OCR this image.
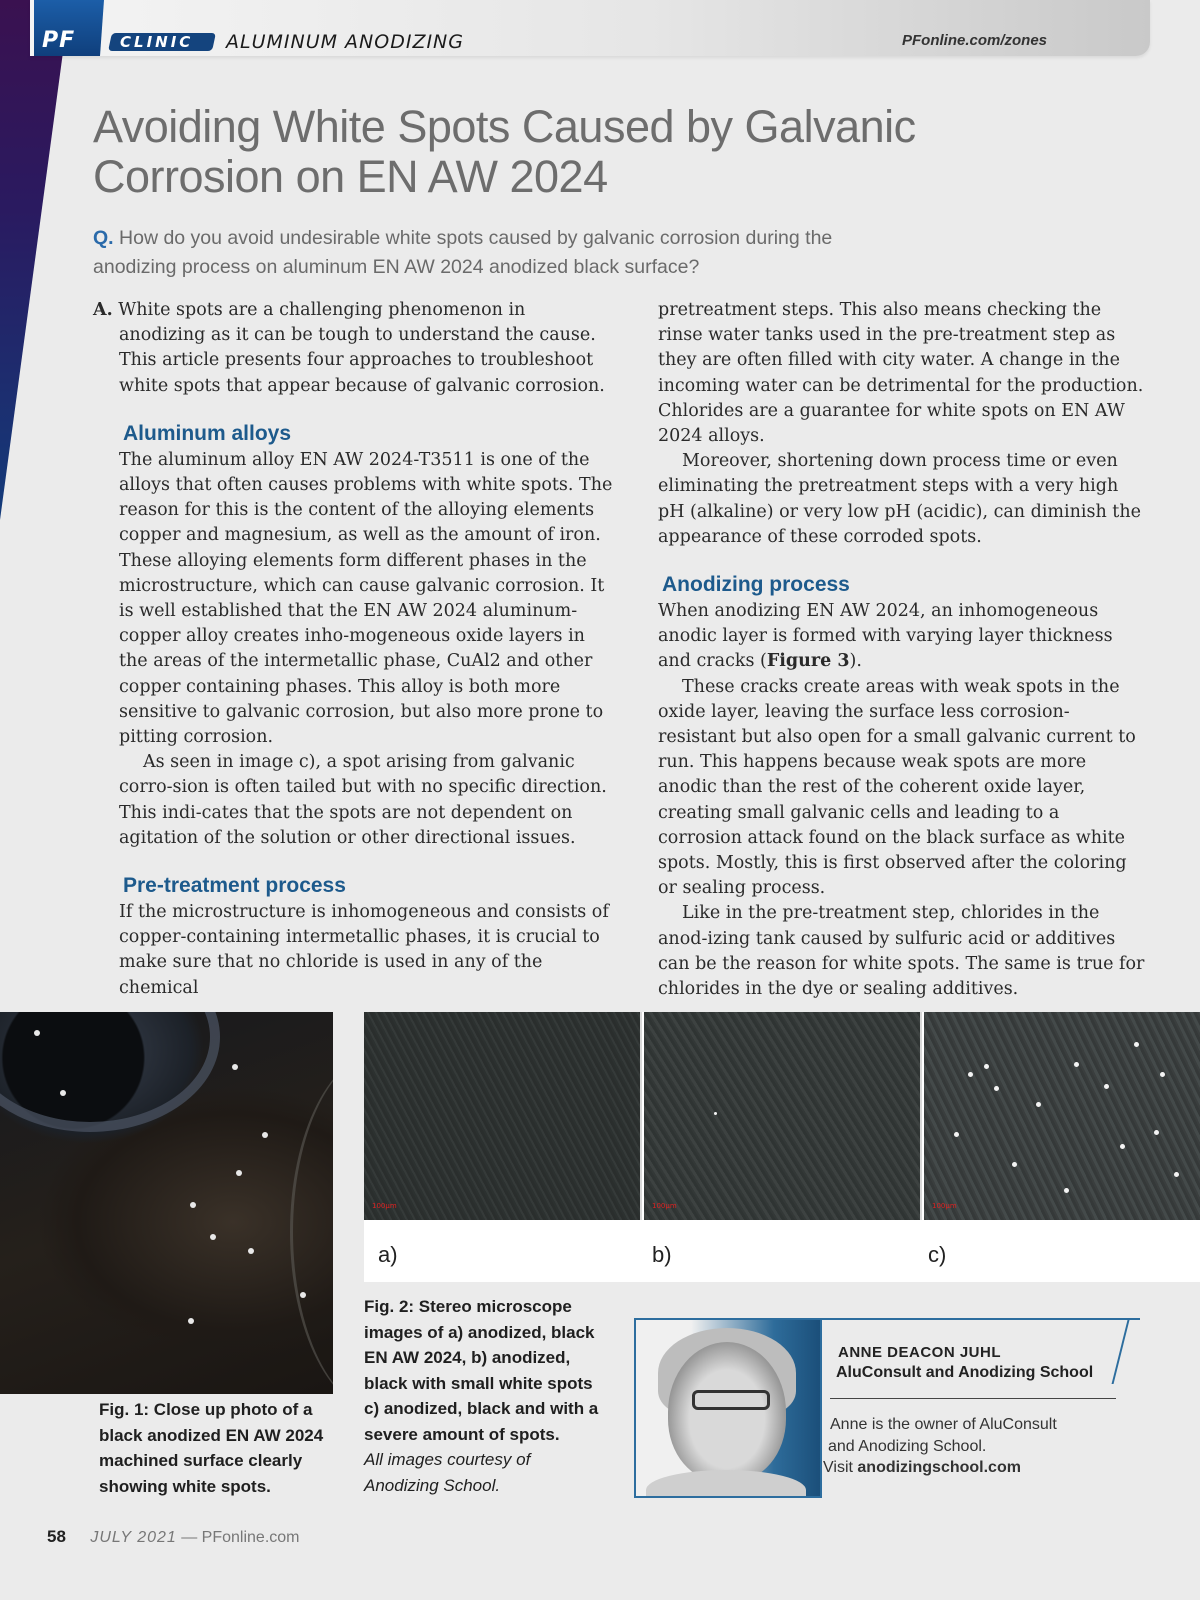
PF	CLINIC ALUMINUM ANODIZING	PFonline.com/zones
Avoiding White Spots Caused by Galvanic
Corrosion on EN AW 2024

Q. How do you avoid undesirable white spots caused by galvanic corrosion during the anodizing process on aluminum EN AW 2024 anodized black surface?

A. White spots are a challenging phenomenon in anodizing as it can be tough to understand the cause. This article presents four approaches to troubleshoot white spots that appear because of galvanic corrosion.

Aluminum alloys

The aluminum alloy EN AW 2024-T3511 is one of the alloys that often causes problems with white spots. The reason for this is the content of the alloying elements copper and magnesium, as well as the amount of iron. These alloying elements form different phases in the microstructure, which can cause galvanic corrosion. It is well established that the EN AW 2024 aluminum-copper alloy creates inho-mogeneous oxide layers in the areas of the intermetallic phase, CuAl2 and other copper containing phases. This alloy is both more sensitive to galvanic corrosion, but also more prone to pitting corrosion.

As seen in image c), a spot arising from galvanic corro-sion is often tailed but with no specific direction. This indi-cates that the spots are not dependent on agitation of the solution or other directional issues.

Pre-treatment process

If the microstructure is inhomogeneous and consists of copper-containing intermetallic phases, it is crucial to make sure that no chloride is used in any of the chemical

pretreatment steps. This also means checking the rinse water tanks used in the pre-treatment step as they are often filled with city water. A change in the incoming water can be detrimental for the production. Chlorides are a guarantee for white spots on EN AW 2024 alloys.

Moreover, shortening down process time or even eliminating the pretreatment steps with a very high pH (alkaline) or very low pH (acidic), can diminish the appearance of these corroded spots.

Anodizing process

When anodizing EN AW 2024, an inhomogeneous anodic layer is formed with varying layer thickness and cracks (Figure 3).

These cracks create areas with weak spots in the oxide layer, leaving the surface less corrosion-resistant but also open for a small galvanic current to run. This happens because weak spots are more anodic than the rest of the coherent oxide layer, creating small galvanic cells and leading to a corrosion attack found on the black surface as white spots. Mostly, this is first observed after the coloring or sealing process.

Like in the pre-treatment step, chlorides in the anod-izing tank caused by sulfuric acid or additives can be the reason for white spots. The same is true for chlorides in the dye or sealing additives.

100µm	100µm	100µm
a)	b)	c)

Fig. 1: Close up photo of a black anodized EN AW 2024 machined surface clearly showing white spots.

Fig. 2: Stereo microscope images of a) anodized, black EN AW 2024, b) anodized, black with small white spots c) anodized, black and with a severe amount of spots.
All images courtesy of Anodizing School.

ANNE DEACON JUHL
AluConsult and Anodizing School

Anne is the owner of AluConsult
and Anodizing School.
Visit anodizingschool.com

58 JULY 2021 — PFonline.com
